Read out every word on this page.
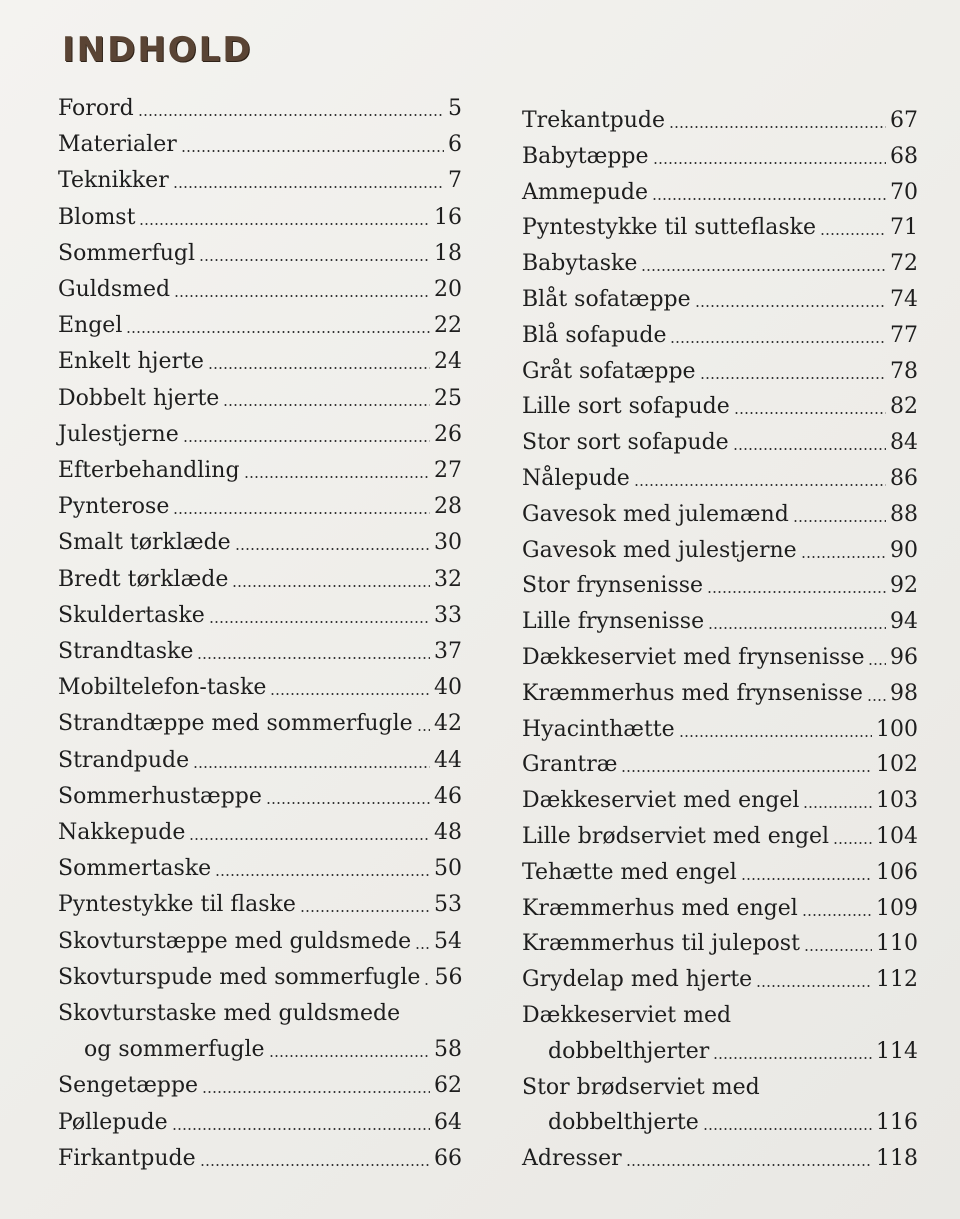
INDHOLD
Forord	5
Materialer	6
Teknikker	7
Blomst	16
Sommerfugl	18
Guldsmed	20
Engel	22
Enkelt hjerte	24
Dobbelt hjerte	25
Julestjerne	26
Efterbehandling	27
Pynterose	28
Smalt tørklæde	30
Bredt tørklæde	32
Skuldertaske	33
Strandtaske	37
Mobiltelefon-taske	40
Strandtæppe med sommerfugle 42
Strandpude	44
Sommerhustæppe	46
Nakkepude	48
Sommertaske	50
Pyntestykke til flaske	53
Skovturstæppe med guldsmede 54
Skovturspude med sommerfugle 56
Skovturstaske med guldsmede
og sommerfugle	58
Sengetæppe	62
Pøllepude	64
Firkantpude	66
Trekantpude	67
Babytæppe	68
Ammepude	70
Pyntestykke til sutteflaske	71
Babytaske	72
Blåt sofatæppe	74
Blå sofapude	77
Gråt sofatæppe	78
Lille sort sofapude	82
Stor sort sofapude	84
Nålepude	86
Gavesok med julemænd	88
Gavesok med julestjerne	90
Stor frynsenisse	92
Lille frynsenisse	94
Dækkeserviet med frynsenisse 96
Kræmmerhus med frynsenisse 98
Hyacinthætte	100
Grantræ	102
Dækkeserviet med engel	103
Lille brødserviet med engel 104
Tehætte med engel	106
Kræmmerhus med engel	109
Kræmmerhus til julepost	110
Grydelap med hjerte	112
Dækkeserviet med
dobbelthjerter	114
Stor brødserviet med
dobbelthjerte	116
Adresser	118
